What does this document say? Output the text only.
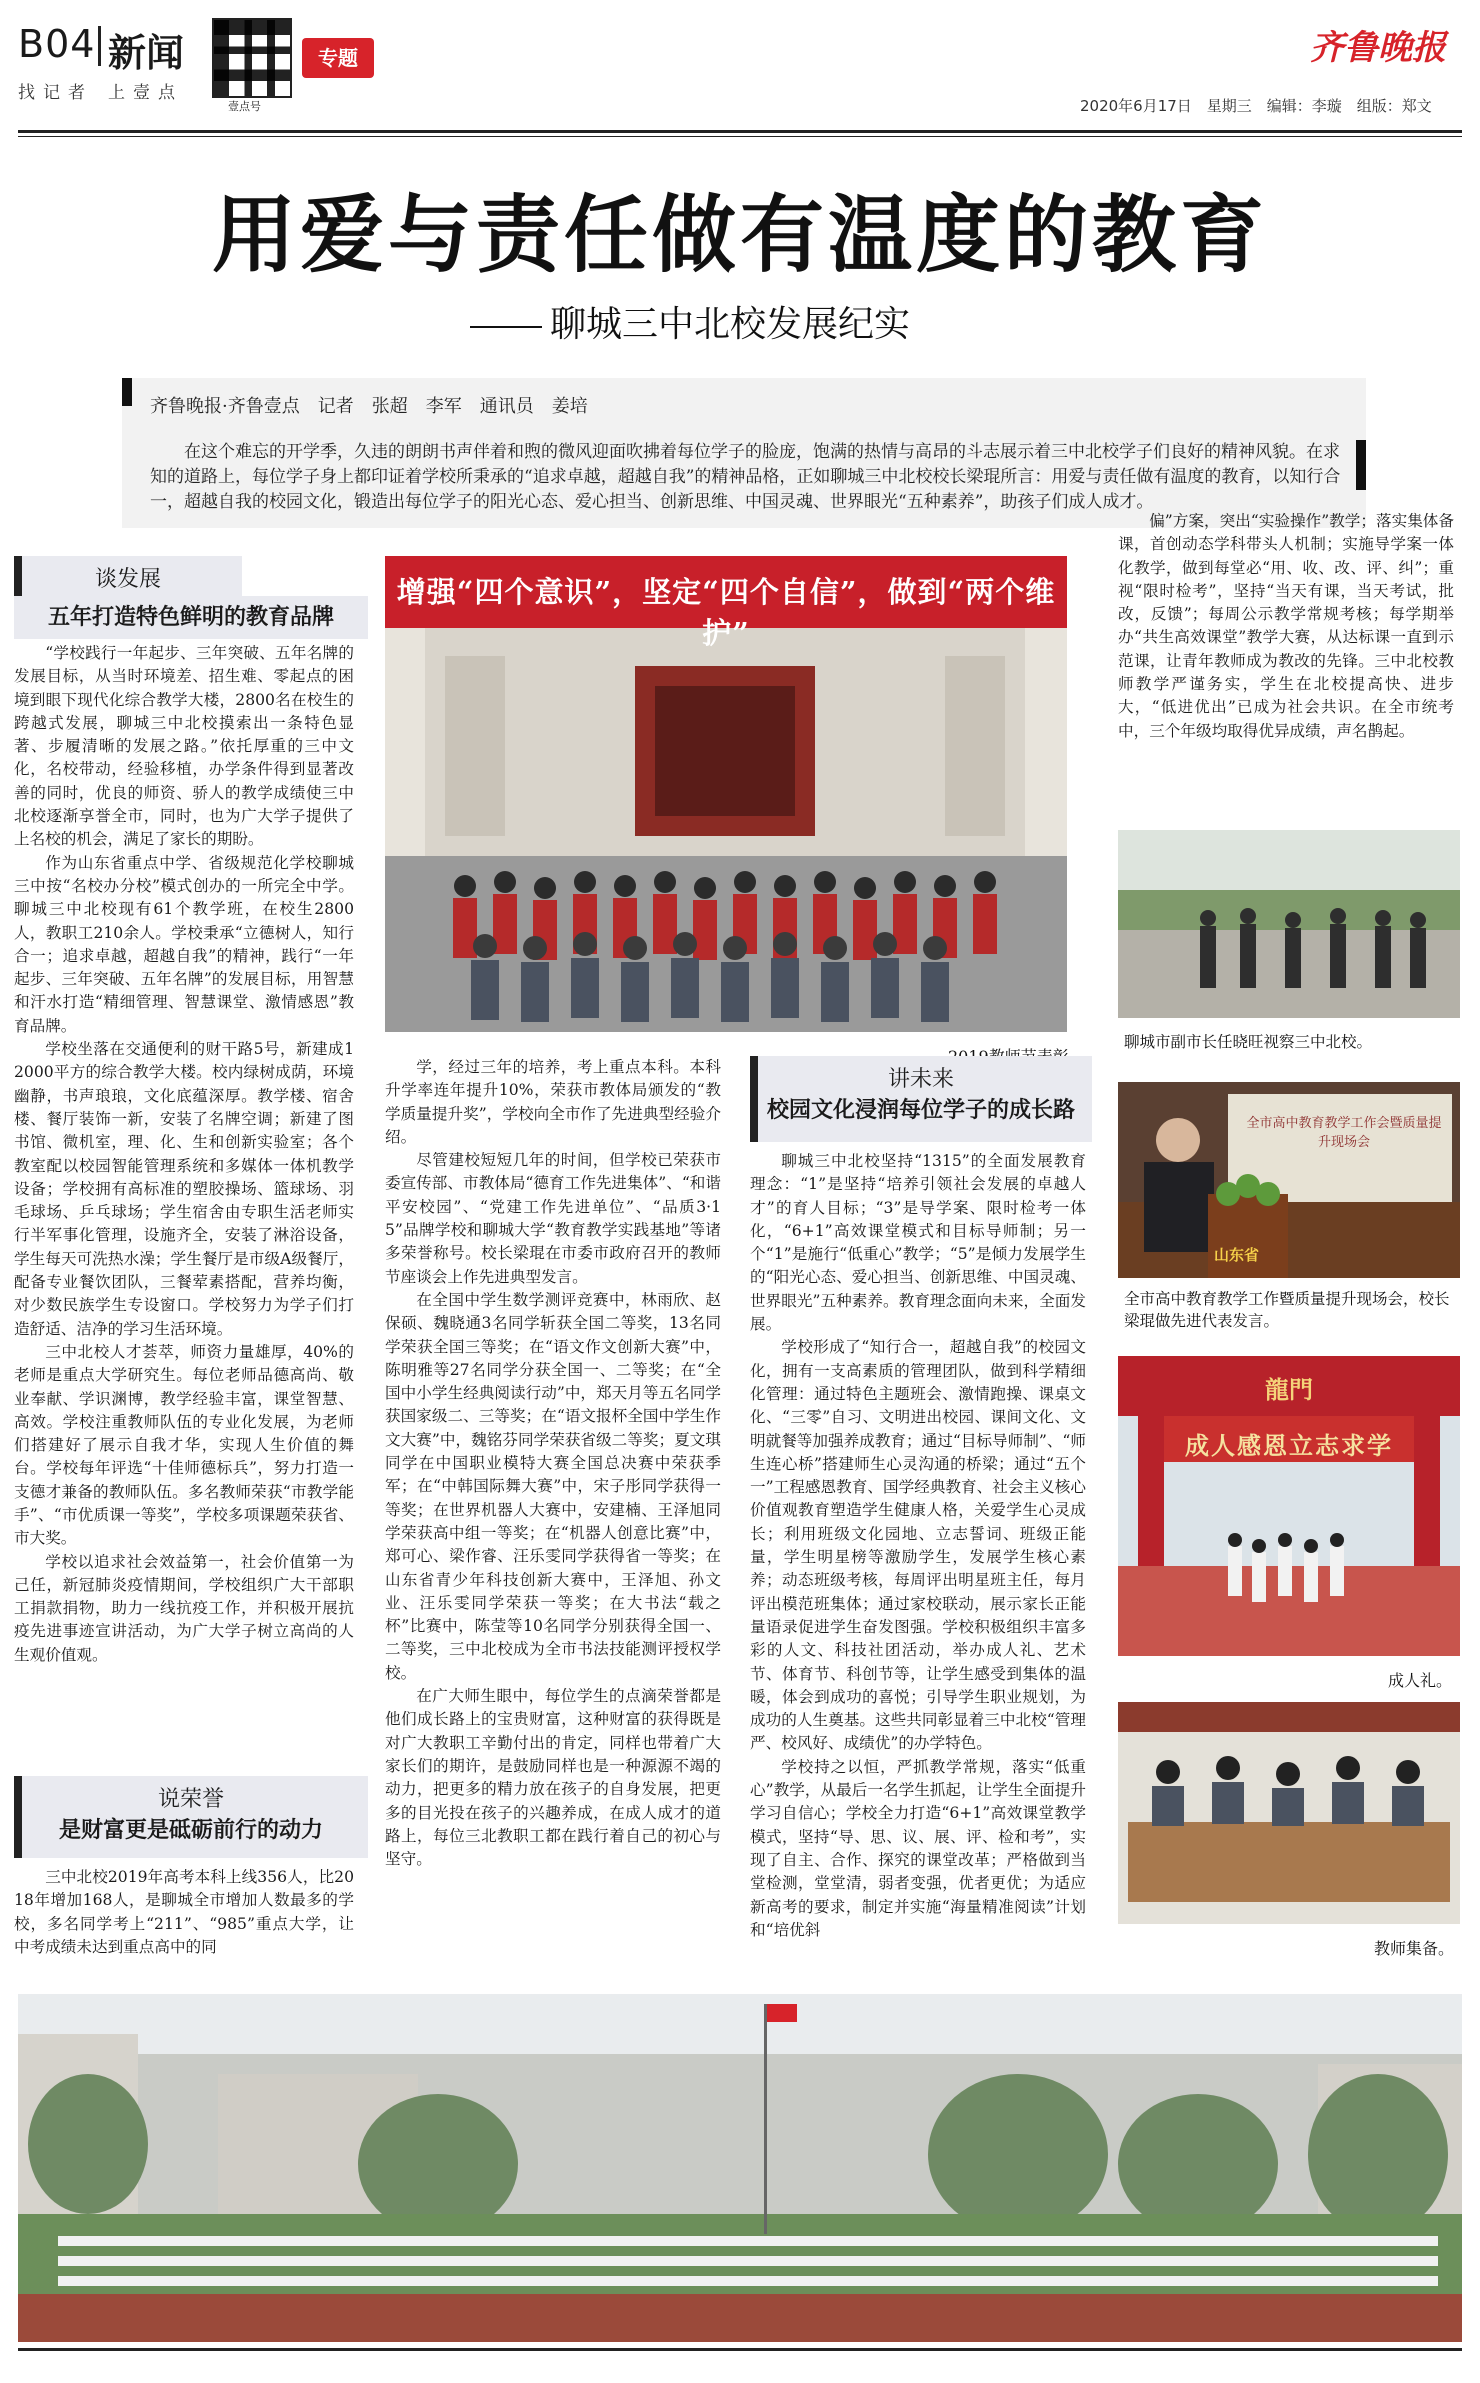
B04 新闻
找记者 上壹点
壹点号
专题	齐鲁晚报
2020年6月17日　星期三　编辑：李璇　组版：郑文
用爱与责任做有温度的教育
聊城三中北校发展纪实
齐鲁晚报·齐鲁壹点　记者　张超　李军　通讯员　姜培
在这个难忘的开学季，久违的朗朗书声伴着和煦的微风迎面吹拂着每位学子的脸庞，饱满的热情与高昂的斗志展示着三中北校学子们良好的精神风貌。在求知的道路上，每位学子身上都印证着学校所秉承的“追求卓越，超越自我”的精神品格，正如聊城三中北校校长梁琨所言：用爱与责任做有温度的教育，以知行合一，超越自我的校园文化，锻造出每位学子的阳光心态、爱心担当、创新思维、中国灵魂、世界眼光“五种素养”，助孩子们成人成才。
谈发展
五年打造特色鲜明的教育品牌

“学校践行一年起步、三年突破、五年名牌的发展目标，从当时环境差、招生难、零起点的困境到眼下现代化综合教学大楼，2800名在校生的跨越式发展，聊城三中北校摸索出一条特色显著、步履清晰的发展之路。”依托厚重的三中文化，名校带动，经验移植，办学条件得到显著改善的同时，优良的师资、骄人的教学成绩使三中北校逐渐享誉全市，同时，也为广大学子提供了上名校的机会，满足了家长的期盼。

作为山东省重点中学、省级规范化学校聊城三中按“名校办分校”模式创办的一所完全中学。聊城三中北校现有61个教学班，在校生2800人，教职工210余人。学校秉承“立德树人，知行合一；追求卓越，超越自我”的精神，践行“一年起步、三年突破、五年名牌”的发展目标，用智慧和汗水打造“精细管理、智慧课堂、激情感恩”教育品牌。

学校坐落在交通便利的财干路5号，新建成12000平方的综合教学大楼。校内绿树成荫，环境幽静，书声琅琅，文化底蕴深厚。教学楼、宿舍楼、餐厅装饰一新，安装了名牌空调；新建了图书馆、微机室，理、化、生和创新实验室；各个教室配以校园智能管理系统和多媒体一体机教学设备；学校拥有高标准的塑胶操场、篮球场、羽毛球场、乒乓球场；学生宿舍由专职生活老师实行半军事化管理，设施齐全，安装了淋浴设备，学生每天可洗热水澡；学生餐厅是市级A级餐厅，配备专业餐饮团队，三餐荤素搭配，营养均衡，对少数民族学生专设窗口。学校努力为学子们打造舒适、洁净的学习生活环境。

三中北校人才荟萃，师资力量雄厚，40%的老师是重点大学研究生。每位老师品德高尚、敬业奉献、学识渊博，教学经验丰富，课堂智慧、高效。学校注重教师队伍的专业化发展，为老师们搭建好了展示自我才华，实现人生价值的舞台。学校每年评选“十佳师德标兵”，努力打造一支德才兼备的教师队伍。多名教师荣获“市教学能手”、“市优质课一等奖”，学校多项课题荣获省、市大奖。

学校以追求社会效益第一，社会价值第一为己任，新冠肺炎疫情期间，学校组织广大干部职工捐款捐物，助力一线抗疫工作，并积极开展抗疫先进事迹宣讲活动，为广大学子树立高尚的人生观价值观。

说荣誉
是财富更是砥砺前行的动力

三中北校2019年高考本科上线356人，比2018年增加168人，是聊城全市增加人数最多的学校，多名同学考上“211”、“985”重点大学，让中考成绩未达到重点高中的同

增强“四个意识”，坚定“四个自信”，做到“两个维护”

学，经过三年的培养，考上重点本科。本科升学率连年提升10%，荣获市教体局颁发的“教学质量提升奖”，学校向全市作了先进典型经验介绍。

尽管建校短短几年的时间，但学校已荣获市委宣传部、市教体局“德育工作先进集体”、“和谐平安校园”、“党建工作先进单位”、“品质3·15”品牌学校和聊城大学“教育教学实践基地”等诸多荣誉称号。校长梁琨在市委市政府召开的教师节座谈会上作先进典型发言。

在全国中学生数学测评竞赛中，林雨欣、赵保硕、魏晓通3名同学斩获全国二等奖，13名同学荣获全国三等奖；在“语文作文创新大赛”中，陈明雅等27名同学分获全国一、二等奖；在“全国中小学生经典阅读行动”中，郑天月等五名同学获国家级二、三等奖；在“语文报杯全国中学生作文大赛”中，魏铭芬同学荣获省级二等奖；夏文琪同学在中国职业模特大赛全国总决赛中荣获季军；在“中韩国际舞大赛”中，宋子彤同学获得一等奖；在世界机器人大赛中，安建楠、王泽旭同学荣获高中组一等奖；在“机器人创意比赛”中，郑可心、梁作睿、汪乐雯同学获得省一等奖；在山东省青少年科技创新大赛中，王泽旭、孙文业、汪乐雯同学荣获一等奖；在大书法“载之杯”比赛中，陈莹等10名同学分别获得全国一、二等奖，三中北校成为全市书法技能测评授权学校。

在广大师生眼中，每位学生的点滴荣誉都是他们成长路上的宝贵财富，这种财富的获得既是对广大教职工辛勤付出的肯定，同样也带着广大家长们的期许，是鼓励同样也是一种源源不竭的动力，把更多的精力放在孩子的自身发展，把更多的目光投在孩子的兴趣养成，在成人成才的道路上，每位三北教职工都在践行着自己的初心与坚守。

讲未来
校园文化浸润每位学子的成长路

聊城三中北校坚持“1315”的全面发展教育理念：“1”是坚持“培养引领社会发展的卓越人才”的育人目标；“3”是导学案、限时检考一体化，“6+1”高效课堂模式和目标导师制；另一个“1”是施行“低重心”教学；“5”是倾力发展学生的“阳光心态、爱心担当、创新思维、中国灵魂、世界眼光”五种素养。教育理念面向未来，全面发展。

学校形成了“知行合一，超越自我”的校园文化，拥有一支高素质的管理团队，做到科学精细化管理：通过特色主题班会、激情跑操、课桌文化、“三零”自习、文明进出校园、课间文化、文明就餐等加强养成教育；通过“目标导师制”、“师生连心桥”搭建师生心灵沟通的桥梁；通过“五个一”工程感恩教育、国学经典教育、社会主义核心价值观教育塑造学生健康人格，关爱学生心灵成长；利用班级文化园地、立志誓词、班级正能量，学生明星榜等激励学生，发展学生核心素养；动态班级考核，每周评出明星班主任，每月评出模范班集体；通过家校联动，展示家长正能量语录促进学生奋发图强。学校积极组织丰富多彩的人文、科技社团活动，举办成人礼、艺术节、体育节、科创节等，让学生感受到集体的温暖，体会到成功的喜悦；引导学生职业规划，为成功的人生奠基。这些共同彰显着三中北校“管理严、校风好、成绩优”的办学特色。

学校持之以恒，严抓教学常规，落实“低重心”教学，从最后一名学生抓起，让学生全面提升学习自信心；学校全力打造“6+1”高效课堂教学模式，坚持“导、思、议、展、评、检和考”，实现了自主、合作、探究的课堂改革；严格做到当堂检测，堂堂清，弱者变强，优者更优；为适应新高考的要求，制定并实施“海量精准阅读”计划和“培优斜

偏”方案，突出“实验操作”教学；落实集体备课，首创动态学科带头人机制；实施导学案一体化教学，做到每堂必“用、收、改、评、纠”；重视“限时检考”，坚持“当天有课，当天考试，批改，反馈”；每周公示教学常规考核；每学期举办“共生高效课堂”教学大赛，从达标课一直到示范课，让青年教师成为教改的先锋。三中北校教师教学严谨务实，学生在北校提高快、进步大，“低进优出”已成为社会共识。在全市统考中，三个年级均取得优异成绩，声名鹊起。

聊城市副市长任晓旺视察三中北校。
全市高中教育教学工作会暨质量提升现场会
山东省
全市高中教育教学工作暨质量提升现场会，校长梁琨做先进代表发言。
龍門
成人感恩立志求学
成人礼。
教师集备。
